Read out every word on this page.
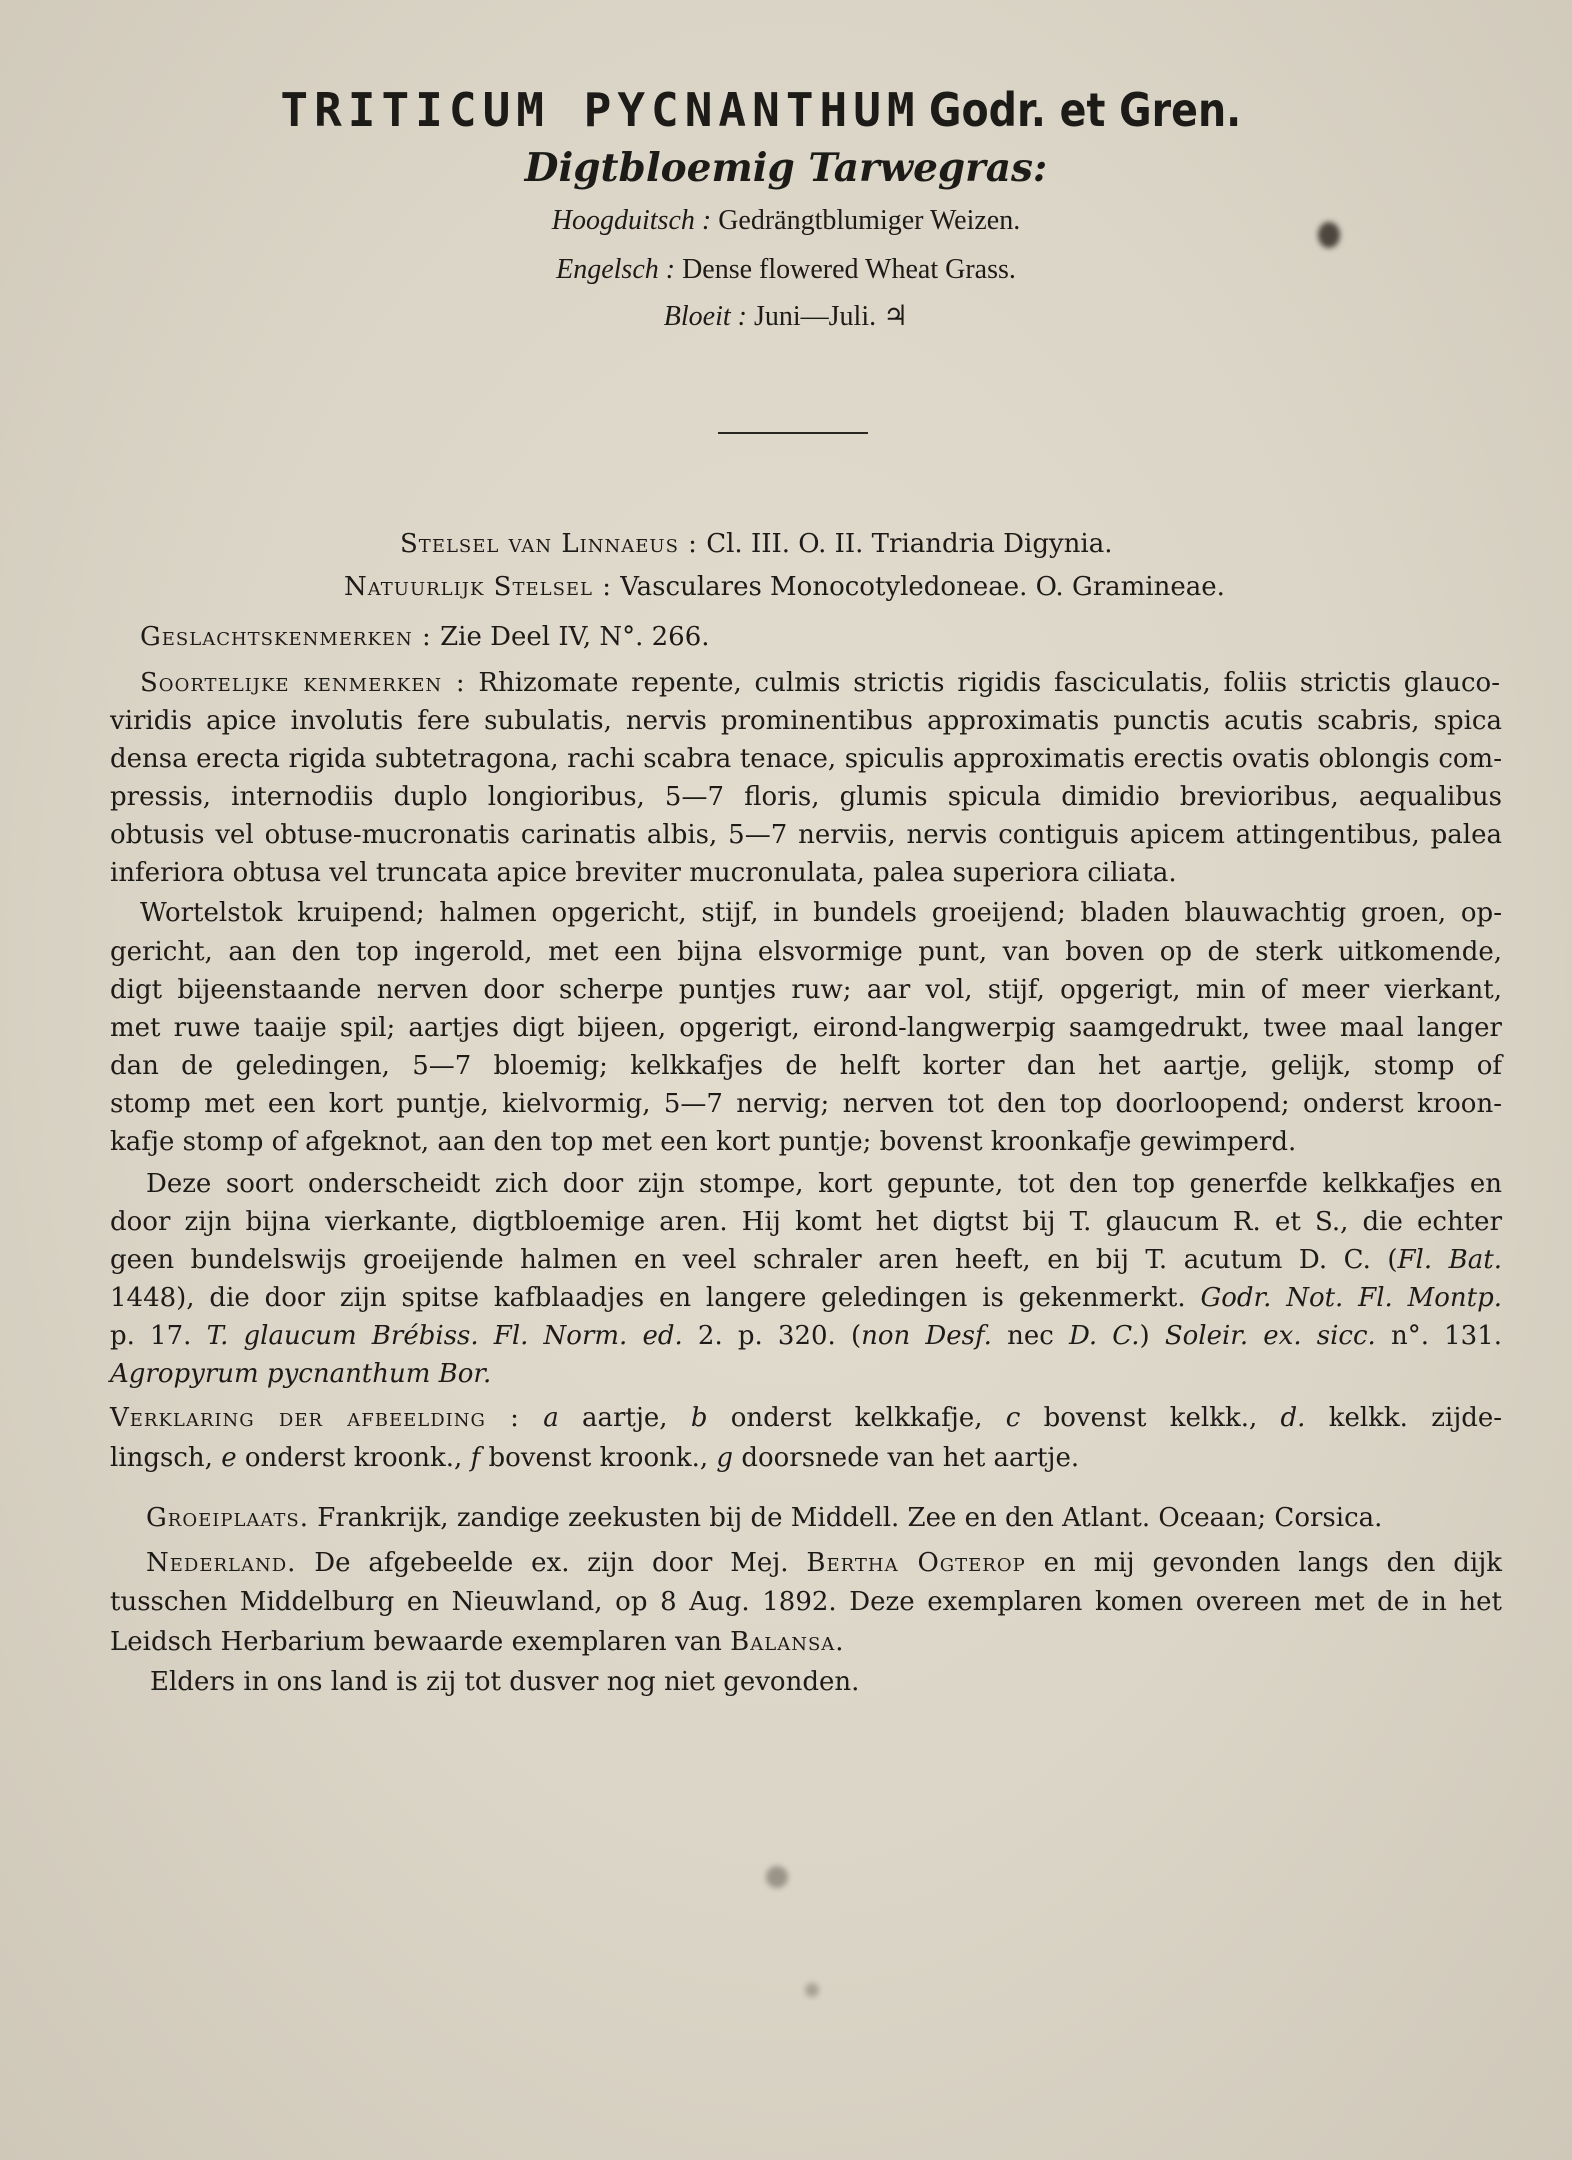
TRITICUM PYCNANTHUM Godr. et Gren.
Digtbloemig Tarwegras:
Hoogduitsch : Gedrängtblumiger Weizen.
Engelsch : Dense flowered Wheat Grass.
Bloeit : Juni—Juli. ♃
Stelsel van Linnaeus : Cl. III. O. II. Triandria Digynia.
Natuurlijk Stelsel : Vasculares Monocotyledoneae. O. Gramineae.
Geslachtskenmerken : Zie Deel IV, N°. 266.
Soortelijke kenmerken : Rhizomate repente, culmis strictis rigidis fasciculatis, foliis strictis glauco-
viridis apice involutis fere subulatis, nervis prominentibus approximatis punctis acutis scabris, spica
densa erecta rigida subtetragona, rachi scabra tenace, spiculis approximatis erectis ovatis oblongis com-
pressis, internodiis duplo longioribus, 5—7 floris, glumis spicula dimidio brevioribus, aequalibus
obtusis vel obtuse-mucronatis carinatis albis, 5—7 nerviis, nervis contiguis apicem attingentibus, palea
inferiora obtusa vel truncata apice breviter mucronulata, palea superiora ciliata.
Wortelstok kruipend; halmen opgericht, stijf, in bundels groeijend; bladen blauwachtig groen, op-
gericht, aan den top ingerold, met een bijna elsvormige punt, van boven op de sterk uitkomende,
digt bijeenstaande nerven door scherpe puntjes ruw; aar vol, stijf, opgerigt, min of meer vierkant,
met ruwe taaije spil; aartjes digt bijeen, opgerigt, eirond-langwerpig saamgedrukt, twee maal langer
dan de geledingen, 5—7 bloemig; kelkkafjes de helft korter dan het aartje, gelijk, stomp of
stomp met een kort puntje, kielvormig, 5—7 nervig; nerven tot den top doorloopend; onderst kroon-
kafje stomp of afgeknot, aan den top met een kort puntje; bovenst kroonkafje gewimperd.
Deze soort onderscheidt zich door zijn stompe, kort gepunte, tot den top generfde kelkkafjes en
door zijn bijna vierkante, digtbloemige aren. Hij komt het digtst bij T. glaucum R. et S., die echter
geen bundelswijs groeijende halmen en veel schraler aren heeft, en bij T. acutum D. C. (Fl. Bat.
1448), die door zijn spitse kafblaadjes en langere geledingen is gekenmerkt. Godr. Not. Fl. Montp.
p. 17. T. glaucum Brébiss. Fl. Norm. ed. 2. p. 320. (non Desf. nec D. C.) Soleir. ex. sicc. n°. 131.
Agropyrum pycnanthum Bor.
Verklaring der afbeelding : a aartje, b onderst kelkkafje, c bovenst kelkk., d. kelkk. zijde-
lingsch, e onderst kroonk., f bovenst kroonk., g doorsnede van het aartje.
Groeiplaats. Frankrijk, zandige zeekusten bij de Middell. Zee en den Atlant. Oceaan; Corsica.
Nederland. De afgebeelde ex. zijn door Mej. Bertha Ogterop en mij gevonden langs den dijk
tusschen Middelburg en Nieuwland, op 8 Aug. 1892. Deze exemplaren komen overeen met de in het
Leidsch Herbarium bewaarde exemplaren van Balansa.
Elders in ons land is zij tot dusver nog niet gevonden.
